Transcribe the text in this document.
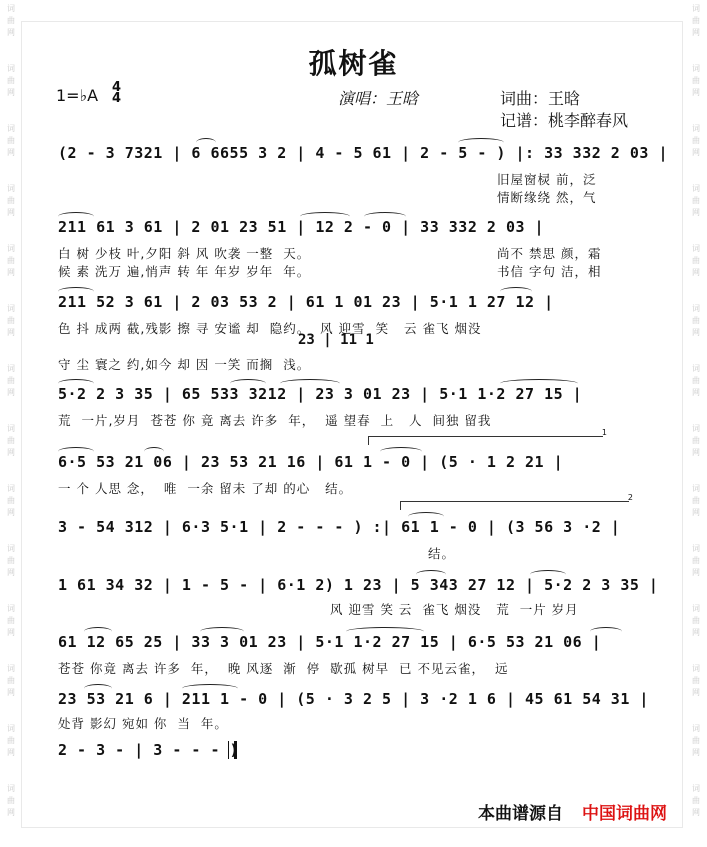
词
曲
网
词
曲
网
词
曲
网
词
曲
网
词
曲
网
词
曲
网
词
曲
网
词
曲
网
词
曲
网
词
曲
网
词
曲
网
词
曲
网
词
曲
网
词
曲
网
词
曲
网
词
曲
网
词
曲
网
词
曲
网
词
曲
网
词
曲
网
词
曲
网
词
曲
网
词
曲
网
词
曲
网
词
曲
网
词
曲
网
词
曲
网
词
曲
网
孤树雀
1=♭A 4
4	演唱：王晗	词曲：王晗
记谱：桃李醉春风
(2 - 3 7321 | 6 6655 3 2 | 4 - 5 61 | 2 - 5 - ) |: 33 332 2 03 |
211 61 3 61 | 2 01 23 51 | 12 2 - 0 | 33 332 2 03 |
211 52 3 61 | 2 03 53 2 | 61 1 01 23 | 5·1 1 27 12 |
5·2 2 3 35 | 65 533 3212 | 23 3 01 23 | 5·1 1·2 27 15 |
6·5 53 21 06 | 23 53 21 16 | 61 1 - 0 | (5 · 1 2 21 |
3 - 54 312 | 6·3 5·1 | 2 - - - ) :| 61 1 - 0 | (3 56 3 ·2 |
1 61 34 32 | 1 - 5 - | 6·1 2) 1 23 | 5 343 27 12 | 5·2 2 3 35 |
61 12 65 25 | 33 3 01 23 | 5·1 1·2 27 15 | 6·5 53 21 06 |
23 53 21 6 | 211 1 - 0 | (5 · 3 2 5 | 3 ·2 1 6 | 45 61 54 31 |
2 - 3 - | 3 - - - )
23 | 11 1
旧屋窗棂 前，泛
情断缘绕 然，气
白 树 少枝 叶,夕阳 斜 风 吹袭 一整  天。
候 素 洗万 遍,悄声 转 年 年岁 岁年  年。
尚不 禁思 颜，霜
书信 字句 洁，相
色 抖 成两 截,残影 擦 寻 安谧 却  隐约。  风 迎雪  笑   云 雀飞 烟没
守 尘 寰之 约,如今 却 因 一笑 而搁  浅。
荒  一片,岁月  苍苍 你 竟 离去 许多  年，  遥 望春  上   人  间独 留我
一 个 人思 念，  唯  一余 留未 了却 的心   结。
结。
风 迎雪 笑 云  雀飞 烟没   荒  一片 岁月
苍苍 你竟 离去 许多  年，  晚 风逐  渐  停  歇孤 树早  已 不见云雀，  远
处背 影幻 宛如 你  当  年。
1
2
本曲谱源自 中国词曲网
